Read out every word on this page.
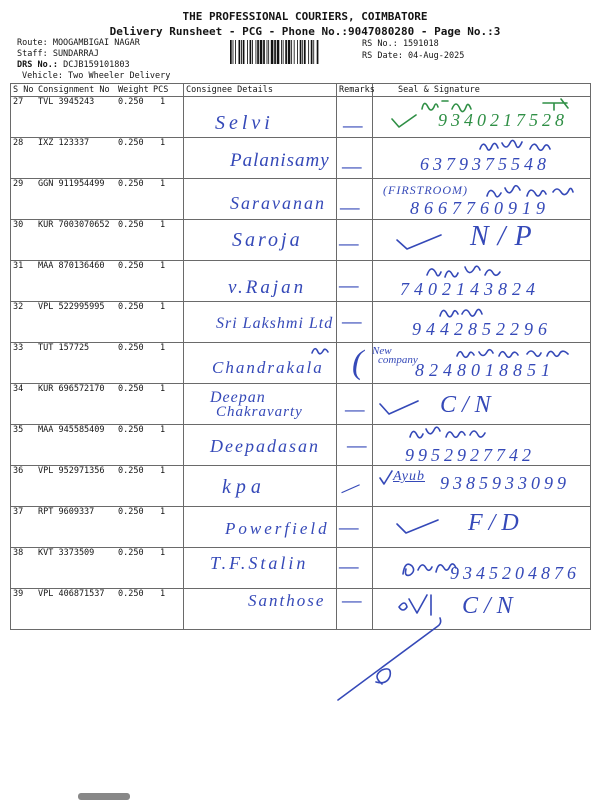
THE PROFESSIONAL COURIERS, COIMBATORE
Delivery Runsheet - PCG - Phone No.:9047080280 - Page No.:3
Route: MOOGAMBIGAI NAGAR
Staff: SUNDARRAJ
DRS No.: DCJB159101803
Vehicle: Two Wheeler Delivery
RS No.: 1591018
RS Date: 04-Aug-2025
S No Consignment No Weight PCS Consignee Details	Remarks	Seal & Signature
27 TVL 3945243	0.250 1
Selvi	—	9340217528
28 IXZ 123337	0.250 1
Palanisamy —	6379375548
29 GGN 911954499 0.250 1
Saravanan —
(FIRSTROOM)
8667760919
30 KUR 7003070652 0.250 1
Saroja —	N/P
31 MAA 870136460 0.250 1
v.Rajan — 7402143824
32 VPL 522995995 0.250 1
Sri Lakshmi Ltd —	9442852296
33 TUT 157725	0.250 1
Chandrakala ( New
company
8248018851
34 KUR 696572170 0.250 1	Deepan
Chakravarty —	C/N
35 MAA 945585409 0.250 1
Deepadasan — 9952927742
36 VPL 952971356 0.250 1
kpa	— Ayub 9385933099
37 RPT 9609337	0.250 1
Powerfield —	F/D
38 KVT 3373509	0.250 1 T.F.Stalin —	9345204876
39 VPL 406871537 0.250 1	Santhose —	C/N
